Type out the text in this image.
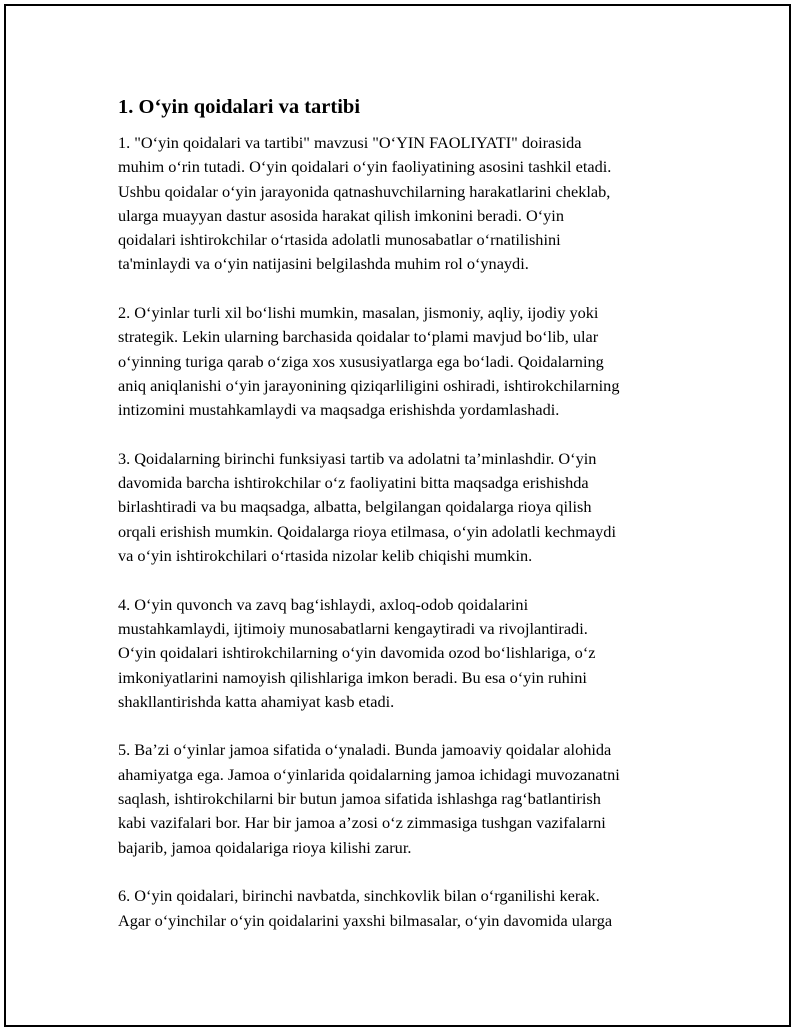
1. Oʻyin qoidalari va tartibi

1. "Oʻyin qoidalari va tartibi" mavzusi "OʻYIN FAOLIYATI" doirasida
muhim oʻrin tutadi. Oʻyin qoidalari oʻyin faoliyatining asosini tashkil etadi.
Ushbu qoidalar oʻyin jarayonida qatnashuvchilarning harakatlarini cheklab,
ularga muayyan dastur asosida harakat qilish imkonini beradi. Oʻyin
qoidalari ishtirokchilar oʻrtasida adolatli munosabatlar oʻrnatilishini
ta'minlaydi va oʻyin natijasini belgilashda muhim rol oʻynaydi.

2. Oʻyinlar turli xil boʻlishi mumkin, masalan, jismoniy, aqliy, ijodiy yoki
strategik. Lekin ularning barchasida qoidalar toʻplami mavjud boʻlib, ular
oʻyinning turiga qarab oʻziga xos xususiyatlarga ega boʻladi. Qoidalarning
aniq aniqlanishi oʻyin jarayonining qiziqarliligini oshiradi, ishtirokchilarning
intizomini mustahkamlaydi va maqsadga erishishda yordamlashadi.

3. Qoidalarning birinchi funksiyasi tartib va adolatni taʼminlashdir. Oʻyin
davomida barcha ishtirokchilar oʻz faoliyatini bitta maqsadga erishishda
birlashtiradi va bu maqsadga, albatta, belgilangan qoidalarga rioya qilish
orqali erishish mumkin. Qoidalarga rioya etilmasa, oʻyin adolatli kechmaydi
va oʻyin ishtirokchilari oʻrtasida nizolar kelib chiqishi mumkin.

4. Oʻyin quvonch va zavq bagʻishlaydi, axloq-odob qoidalarini
mustahkamlaydi, ijtimoiy munosabatlarni kengaytiradi va rivojlantiradi.
Oʻyin qoidalari ishtirokchilarning oʻyin davomida ozod boʻlishlariga, oʻz
imkoniyatlarini namoyish qilishlariga imkon beradi. Bu esa oʻyin ruhini
shakllantirishda katta ahamiyat kasb etadi.

5. Baʼzi oʻyinlar jamoa sifatida oʻynaladi. Bunda jamoaviy qoidalar alohida
ahamiyatga ega. Jamoa oʻyinlarida qoidalarning jamoa ichidagi muvozanatni
saqlash, ishtirokchilarni bir butun jamoa sifatida ishlashga ragʻbatlantirish
kabi vazifalari bor. Har bir jamoa aʼzosi oʻz zimmasiga tushgan vazifalarni
bajarib, jamoa qoidalariga rioya kilishi zarur.

6. Oʻyin qoidalari, birinchi navbatda, sinchkovlik bilan oʻrganilishi kerak.
Agar oʻyinchilar oʻyin qoidalarini yaxshi bilmasalar, oʻyin davomida ularga
